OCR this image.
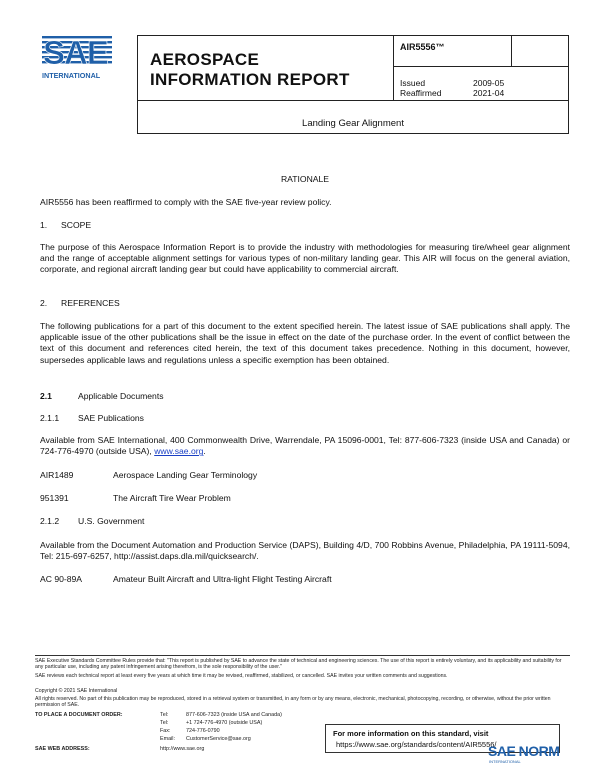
SAE
INTERNATIONAL
AEROSPACE
INFORMATION REPORT
AIR5556™
Issued	2009-05
Reaffirmed	2021-04
Landing Gear Alignment
RATIONALE
AIR5556 has been reaffirmed to comply with the SAE five-year review policy.
1. SCOPE
The purpose of this Aerospace Information Report is to provide the industry with methodologies for measuring tire/wheel gear alignment and the range of acceptable alignment settings for various types of non-military landing gear. This AIR will focus on the general aviation, corporate, and regional aircraft landing gear but could have applicability to commercial aircraft.
2. REFERENCES
The following publications for a part of this document to the extent specified herein. The latest issue of SAE publications shall apply. The applicable issue of the other publications shall be the issue in effect on the date of the purchase order. In the event of conflict between the text of this document and references cited herein, the text of this document takes precedence. Nothing in this document, however, supersedes applicable laws and regulations unless a specific exemption has been obtained.
2.1	Applicable Documents
2.1.1 SAE Publications
Available from SAE International, 400 Commonwealth Drive, Warrendale, PA 15096-0001, Tel: 877-606-7323 (inside USA and Canada) or 724-776-4970 (outside USA), www.sae.org.
AIR1489	Aerospace Landing Gear Terminology
951391	The Aircraft Tire Wear Problem
2.1.2 U.S. Government
Available from the Document Automation and Production Service (DAPS), Building 4/D, 700 Robbins Avenue, Philadelphia, PA 19111-5094, Tel: 215-697-6257, http://assist.daps.dla.mil/quicksearch/.
AC 90-89A	Amateur Built Aircraft and Ultra-light Flight Testing Aircraft
SAE Executive Standards Committee Rules provide that: "This report is published by SAE to advance the state of technical and engineering sciences. The use of this report is entirely voluntary, and its applicability and suitability for any particular use, including any patent infringement arising therefrom, is the sole responsibility of the user."
SAE reviews each technical report at least every five years at which time it may be revised, reaffirmed, stabilized, or cancelled. SAE invites your written comments and suggestions.
Copyright © 2021 SAE International
All rights reserved. No part of this publication may be reproduced, stored in a retrieval system or transmitted, in any form or by any means, electronic, mechanical, photocopying, recording, or otherwise, without the prior written permission of SAE.
TO PLACE A DOCUMENT ORDER:	Tel:	877-606-7323 (inside USA and Canada)
Tel:	+1 724-776-4970 (outside USA)
Fax:	724-776-0790
Email: CustomerService@sae.org
SAE WEB ADDRESS:	http://www.sae.org
For more information on this standard, visit
https://www.sae.org/standards/content/AIR5556/
SAE NORM
INTERNATIONAL
